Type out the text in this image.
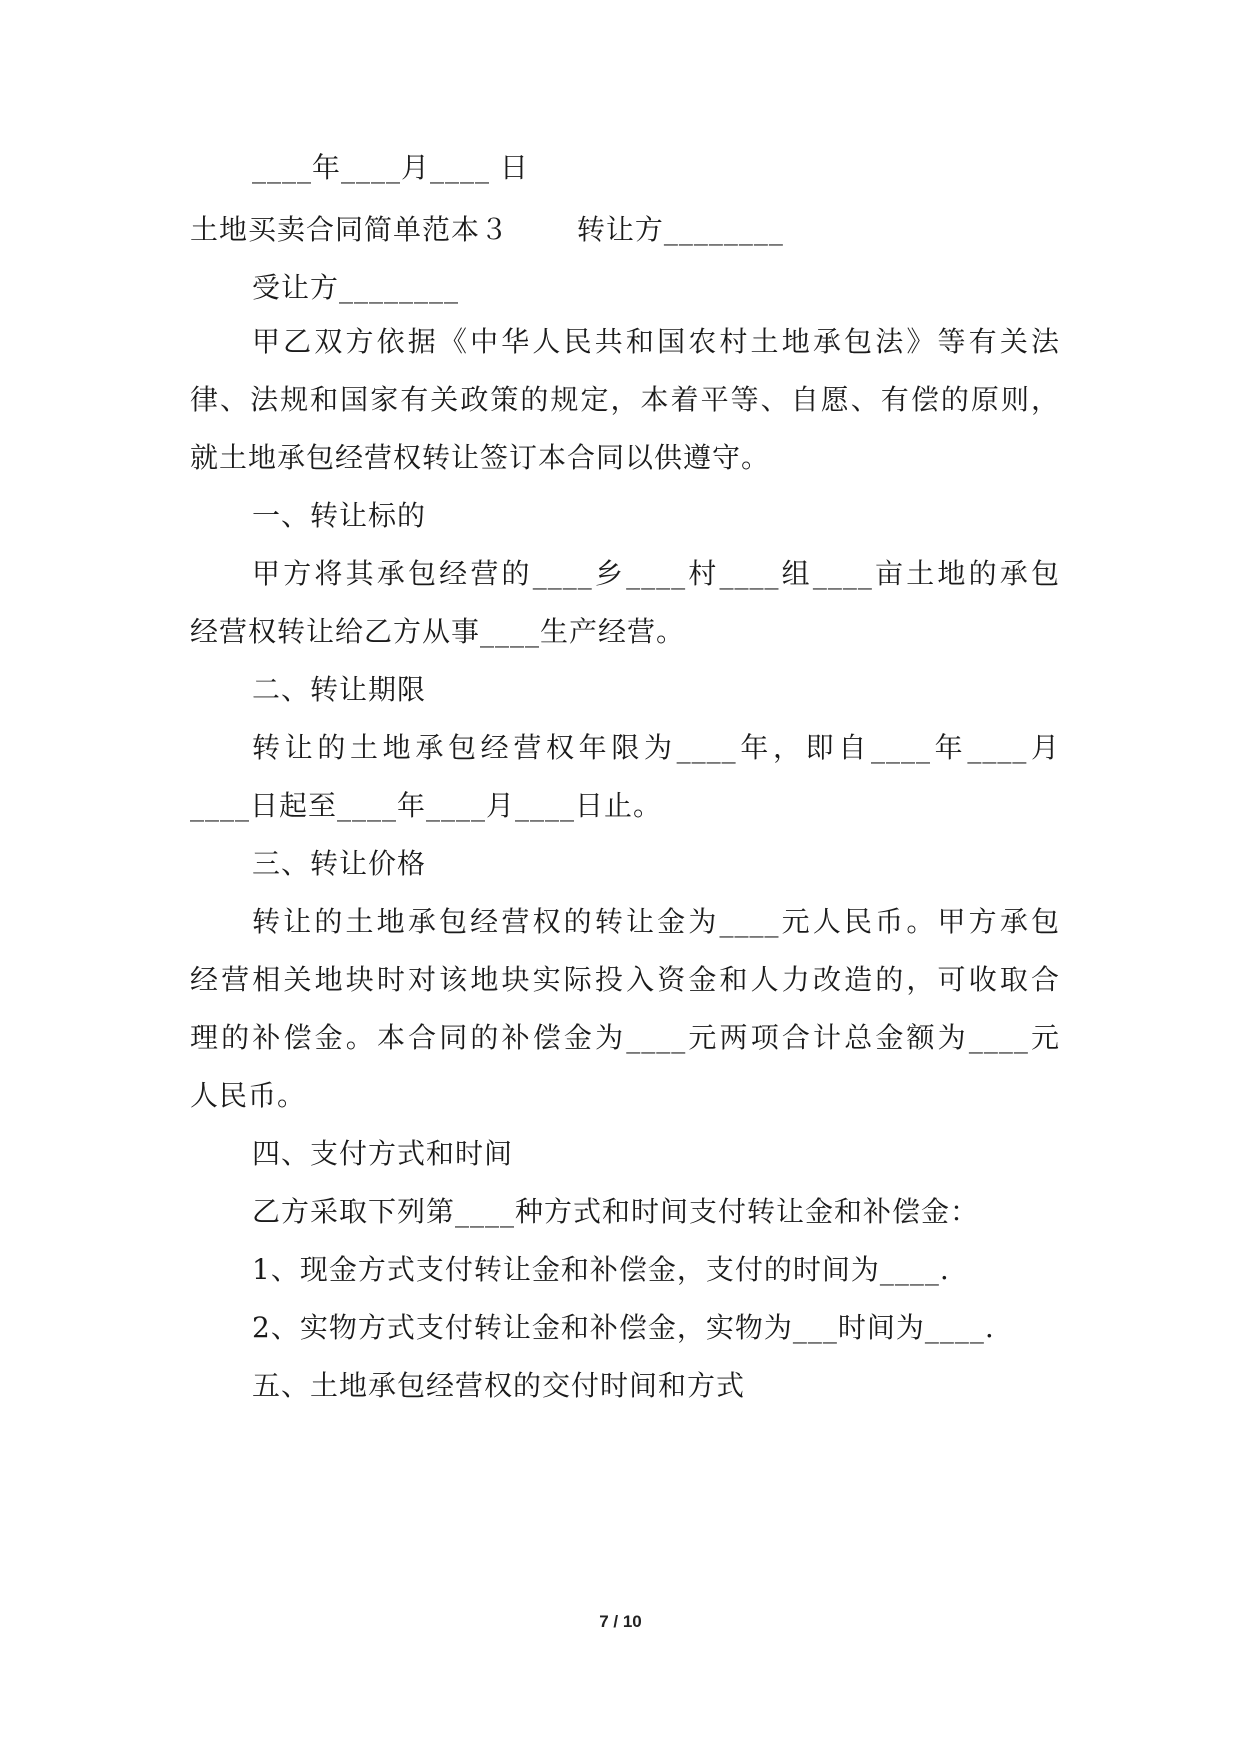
____年____月____ 日
土地买卖合同简单范本３　　 转让方________
受让方________
甲乙双方依据《中华人民共和国农村土地承包法》等有关法
律、法规和国家有关政策的规定，本着平等、自愿、有偿的原则，
就土地承包经营权转让签订本合同以供遵守。
一、转让标的
甲方将其承包经营的____乡____村____组____亩土地的承包
经营权转让给乙方从事____生产经营。
二、转让期限
转让的土地承包经营权年限为____年，即自____年____月
____日起至____年____月____日止。
三、转让价格
转让的土地承包经营权的转让金为____元人民币。甲方承包
经营相关地块时对该地块实际投入资金和人力改造的，可收取合
理的补偿金。本合同的补偿金为____元两项合计总金额为____元
人民币。
四、支付方式和时间
乙方采取下列第____种方式和时间支付转让金和补偿金：
1、现金方式支付转让金和补偿金，支付的时间为____.
2、实物方式支付转让金和补偿金，实物为___时间为____.
五、土地承包经营权的交付时间和方式
7 / 10
